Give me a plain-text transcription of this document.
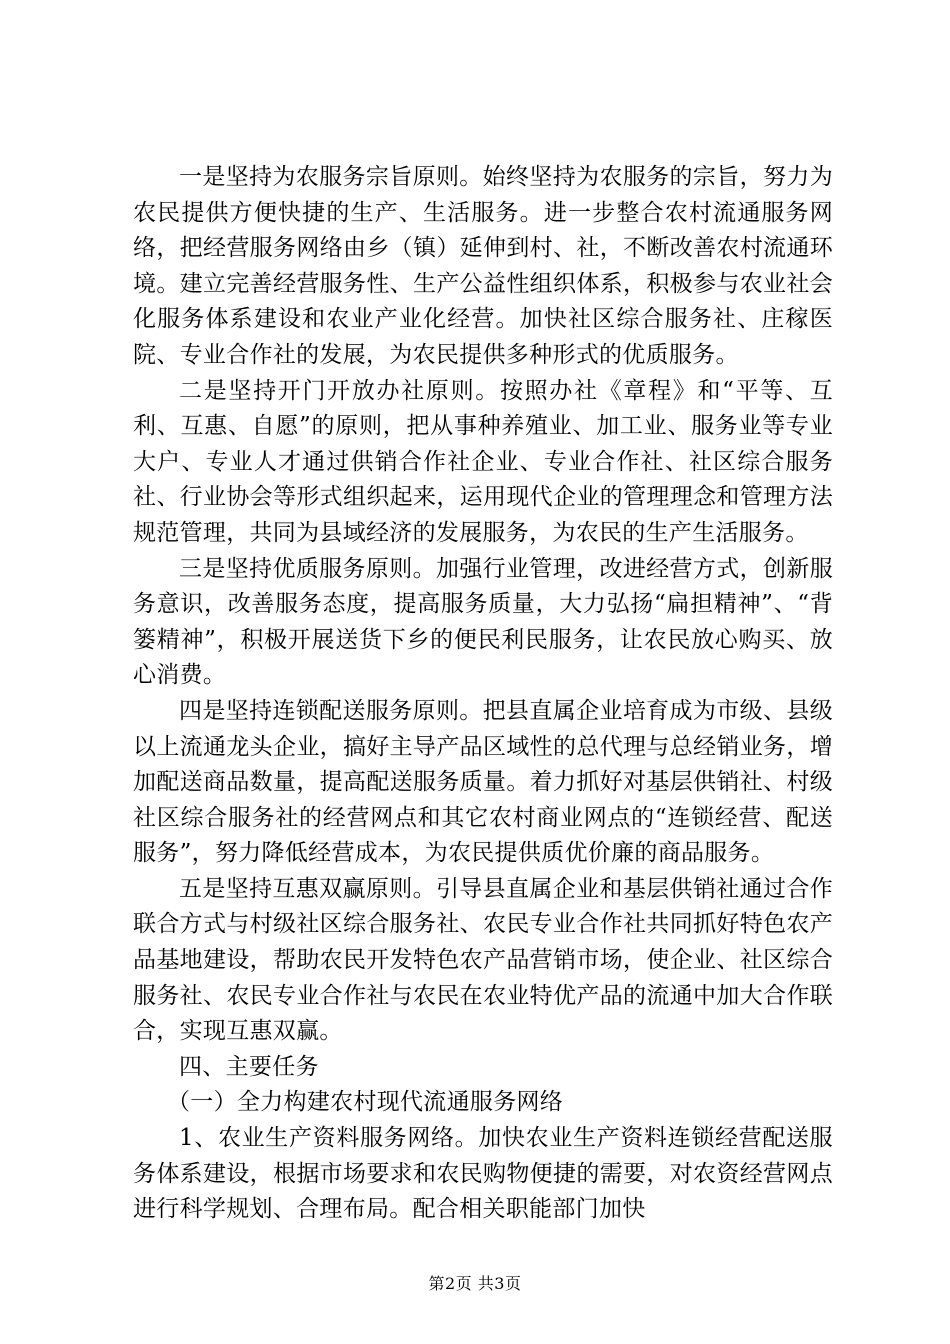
一是坚持为农服务宗旨原则。始终坚持为农服务的宗旨，努力为农民提供方便快捷的生产、生活服务。进一步整合农村流通服务网络，把经营服务网络由乡（镇）延伸到村、社，不断改善农村流通环境。建立完善经营服务性、生产公益性组织体系，积极参与农业社会化服务体系建设和农业产业化经营。加快社区综合服务社、庄稼医院、专业合作社的发展，为农民提供多种形式的优质服务。

二是坚持开门开放办社原则。按照办社《章程》和“平等、互利、互惠、自愿”的原则，把从事种养殖业、加工业、服务业等专业大户、专业人才通过供销合作社企业、专业合作社、社区综合服务社、行业协会等形式组织起来，运用现代企业的管理理念和管理方法规范管理，共同为县域经济的发展服务，为农民的生产生活服务。

三是坚持优质服务原则。加强行业管理，改进经营方式，创新服务意识，改善服务态度，提高服务质量，大力弘扬“扁担精神”、“背篓精神”，积极开展送货下乡的便民利民服务，让农民放心购买、放心消费。

四是坚持连锁配送服务原则。把县直属企业培育成为市级、县级以上流通龙头企业，搞好主导产品区域性的总代理与总经销业务，增加配送商品数量，提高配送服务质量。着力抓好对基层供销社、村级社区综合服务社的经营网点和其它农村商业网点的“连锁经营、配送服务”，努力降低经营成本，为农民提供质优价廉的商品服务。

五是坚持互惠双赢原则。引导县直属企业和基层供销社通过合作联合方式与村级社区综合服务社、农民专业合作社共同抓好特色农产品基地建设，帮助农民开发特色农产品营销市场，使企业、社区综合服务社、农民专业合作社与农民在农业特优产品的流通中加大合作联合，实现互惠双赢。

四、主要任务

（一）全力构建农村现代流通服务网络

1、农业生产资料服务网络。加快农业生产资料连锁经营配送服务体系建设，根据市场要求和农民购物便捷的需要，对农资经营网点进行科学规划、合理布局。配合相关职能部门加快

第2页 共3页
